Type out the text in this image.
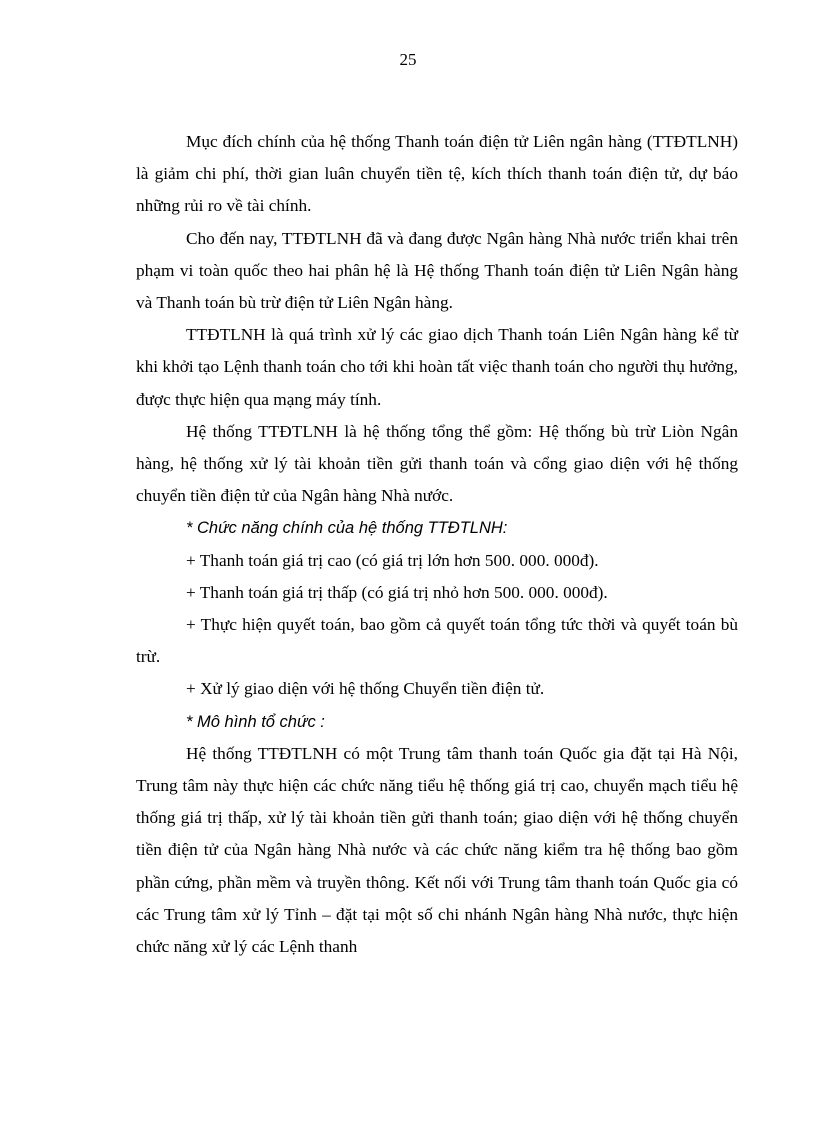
25

Mục đích chính của hệ thống Thanh toán điện tử Liên ngân hàng (TTĐTLNH) là giảm chi phí, thời gian luân chuyển tiền tệ, kích thích thanh toán điện tử, dự báo những rủi ro về tài chính.

Cho đến nay, TTĐTLNH đã và đang được Ngân hàng Nhà nước triển khai trên phạm vi toàn quốc theo hai phân hệ là Hệ thống Thanh toán điện tử Liên Ngân hàng và Thanh toán bù trừ điện tử Liên Ngân hàng.

TTĐTLNH là quá trình xử lý các giao dịch Thanh toán Liên Ngân hàng kể từ khi khởi tạo Lệnh thanh toán cho tới khi hoàn tất việc thanh toán cho người thụ hưởng, được thực hiện qua mạng máy tính.

Hệ thống TTĐTLNH là hệ thống tổng thể gồm: Hệ thống bù trừ Liòn Ngân hàng, hệ thống xử lý tài khoản tiền gửi thanh toán và cổng giao diện với hệ thống chuyển tiền điện tử của Ngân hàng Nhà nước.

* Chức năng chính của hệ thống TTĐTLNH:

+ Thanh toán giá trị cao (có giá trị lớn hơn 500. 000. 000đ).

+ Thanh toán giá trị thấp (có giá trị nhỏ hơn 500. 000. 000đ).

+ Thực hiện quyết toán, bao gồm cả quyết toán tổng tức thời và quyết toán bù trừ.

+ Xử lý giao diện với hệ thống Chuyển tiền điện tử.

* Mô hình tổ chức :

Hệ thống TTĐTLNH có một Trung tâm thanh toán Quốc gia đặt tại Hà Nội, Trung tâm này thực hiện các chức năng tiểu hệ thống giá trị cao, chuyển mạch tiểu hệ thống giá trị thấp, xử lý tài khoản tiền gửi thanh toán; giao diện với hệ thống chuyển tiền điện tử của Ngân hàng Nhà nước và các chức năng kiểm tra hệ thống bao gồm phần cứng, phần mềm và truyền thông. Kết nối với Trung tâm thanh toán Quốc gia có các Trung tâm xử lý Tỉnh – đặt tại một số chi nhánh Ngân hàng Nhà nước, thực hiện chức năng xử lý các Lệnh thanh
